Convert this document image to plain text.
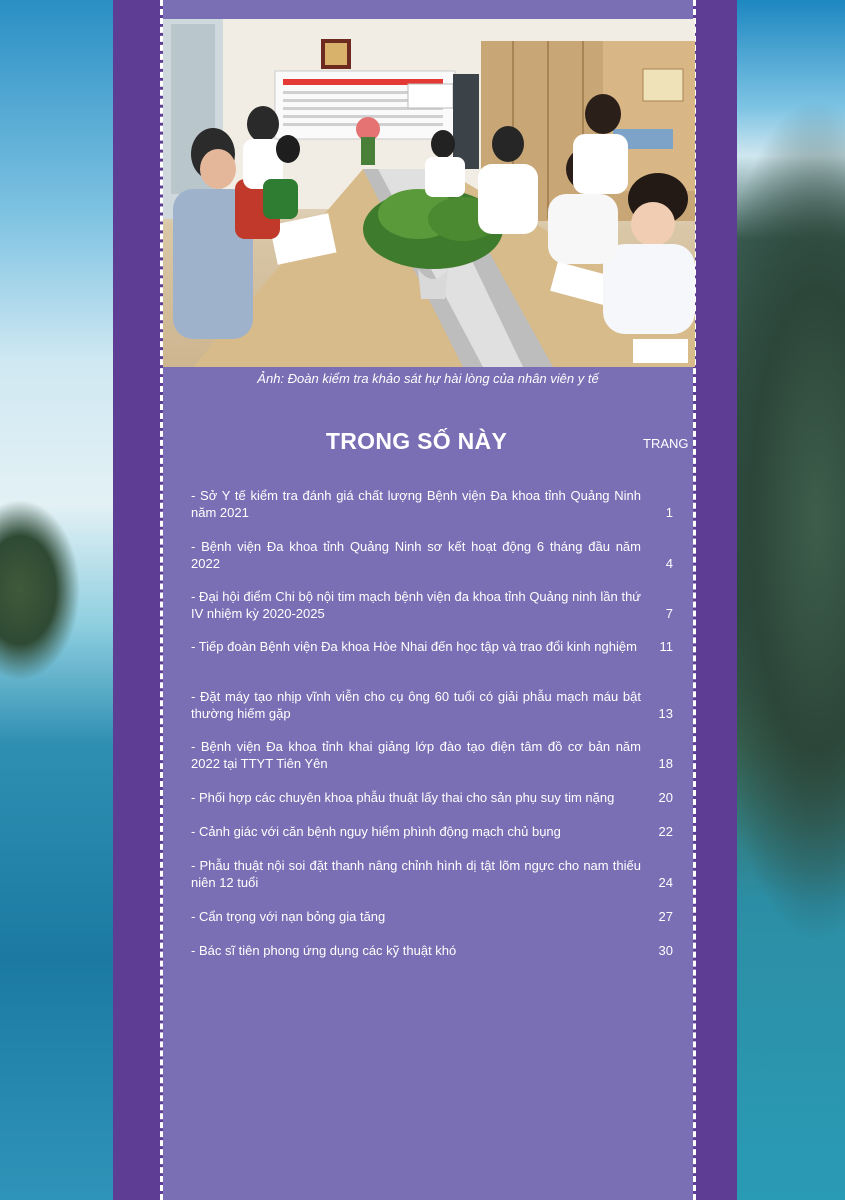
Ảnh: Đoàn kiểm tra khảo sát hự hài lòng của nhân viên y tế
TRONG SỐ NÀY	TRANG
- Sở Y tế kiểm tra đánh giá chất lượng Bệnh viện Đa khoa tỉnh Quảng Ninh năm 2021	1
- Bệnh viện Đa khoa tỉnh Quảng Ninh sơ kết hoạt động 6 tháng đầu năm 2022	4
- Đại hội điểm Chi bộ nội tim mạch bệnh viện đa khoa tỉnh Quảng ninh lần thứ IV nhiệm kỳ 2020-2025	7
- Tiếp đoàn Bệnh viện Đa khoa Hòe Nhai đến học tập và trao đổi kinh nghiệm	11
- Đặt máy tạo nhịp vĩnh viễn cho cụ ông 60 tuổi có giải phẫu mạch máu bật thường hiếm gặp	13
- Bệnh viện Đa khoa tỉnh khai giảng lớp đào tạo điện tâm đồ cơ bản năm 2022 tại TTYT Tiên Yên	18
- Phối hợp các chuyên khoa phẫu thuật lấy thai cho sản phụ suy tim nặng	20
- Cảnh giác với căn bệnh nguy hiểm phình động mạch chủ bụng	22
- Phẫu thuật nội soi đặt thanh nâng chỉnh hình dị tật lõm ngực cho nam thiếu niên 12 tuổi	24
- Cẩn trọng với nạn bỏng gia tăng	27
- Bác sĩ tiên phong ứng dụng các kỹ thuật khó	30
